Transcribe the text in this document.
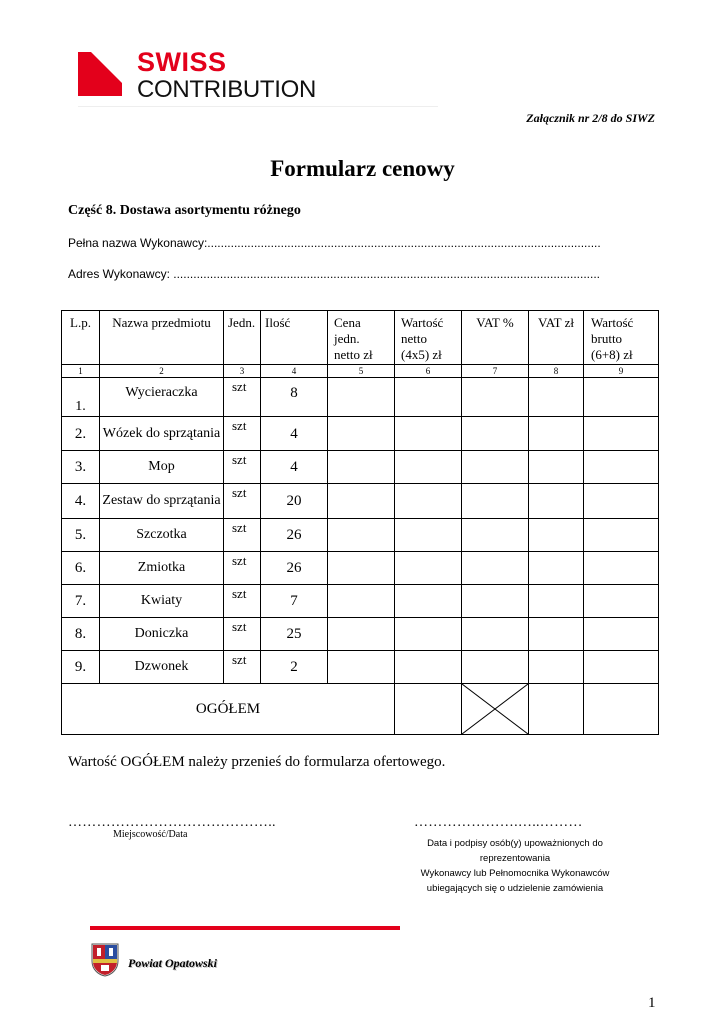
SWISS
CONTRIBUTION
Załącznik nr 2/8 do SIWZ
Formularz cenowy
Część 8. Dostawa asortymentu różnego
Pełna nazwa Wykonawcy:......................................................................................................................
Adres Wykonawcy: ................................................................................................................................
L.p.	Nazwa przedmiotu	Jedn.	Ilość	Cena
jedn.
netto zł	Wartość
netto
(4x5) zł	VAT %	VAT zł	Wartość
brutto
(6+8) zł
1	2	3	4	5	6	7	8	9
1.	Wycieraczka	szt	8					
2.	Wózek do sprzątania	szt	4					
3.	Mop	szt	4					
4.	Zestaw do sprzątania	szt	20					
5.	Szczotka	szt	26					
6.	Zmiotka	szt	26					
7.	Kwiaty	szt	7					
8.	Doniczka	szt	25					
9.	Dzwonek	szt	2					
OGÓŁEM		

Wartość OGÓŁEM należy przenieś do formularza ofertowego.
……………………………………..
Miejscowość/Data
………………….…..………
Data i podpisy osób(y) upoważnionych do
reprezentowania
Wykonawcy lub Pełnomocnika Wykonawców
ubiegających się o udzielenie zamówienia
Powiat Opatowski
1
